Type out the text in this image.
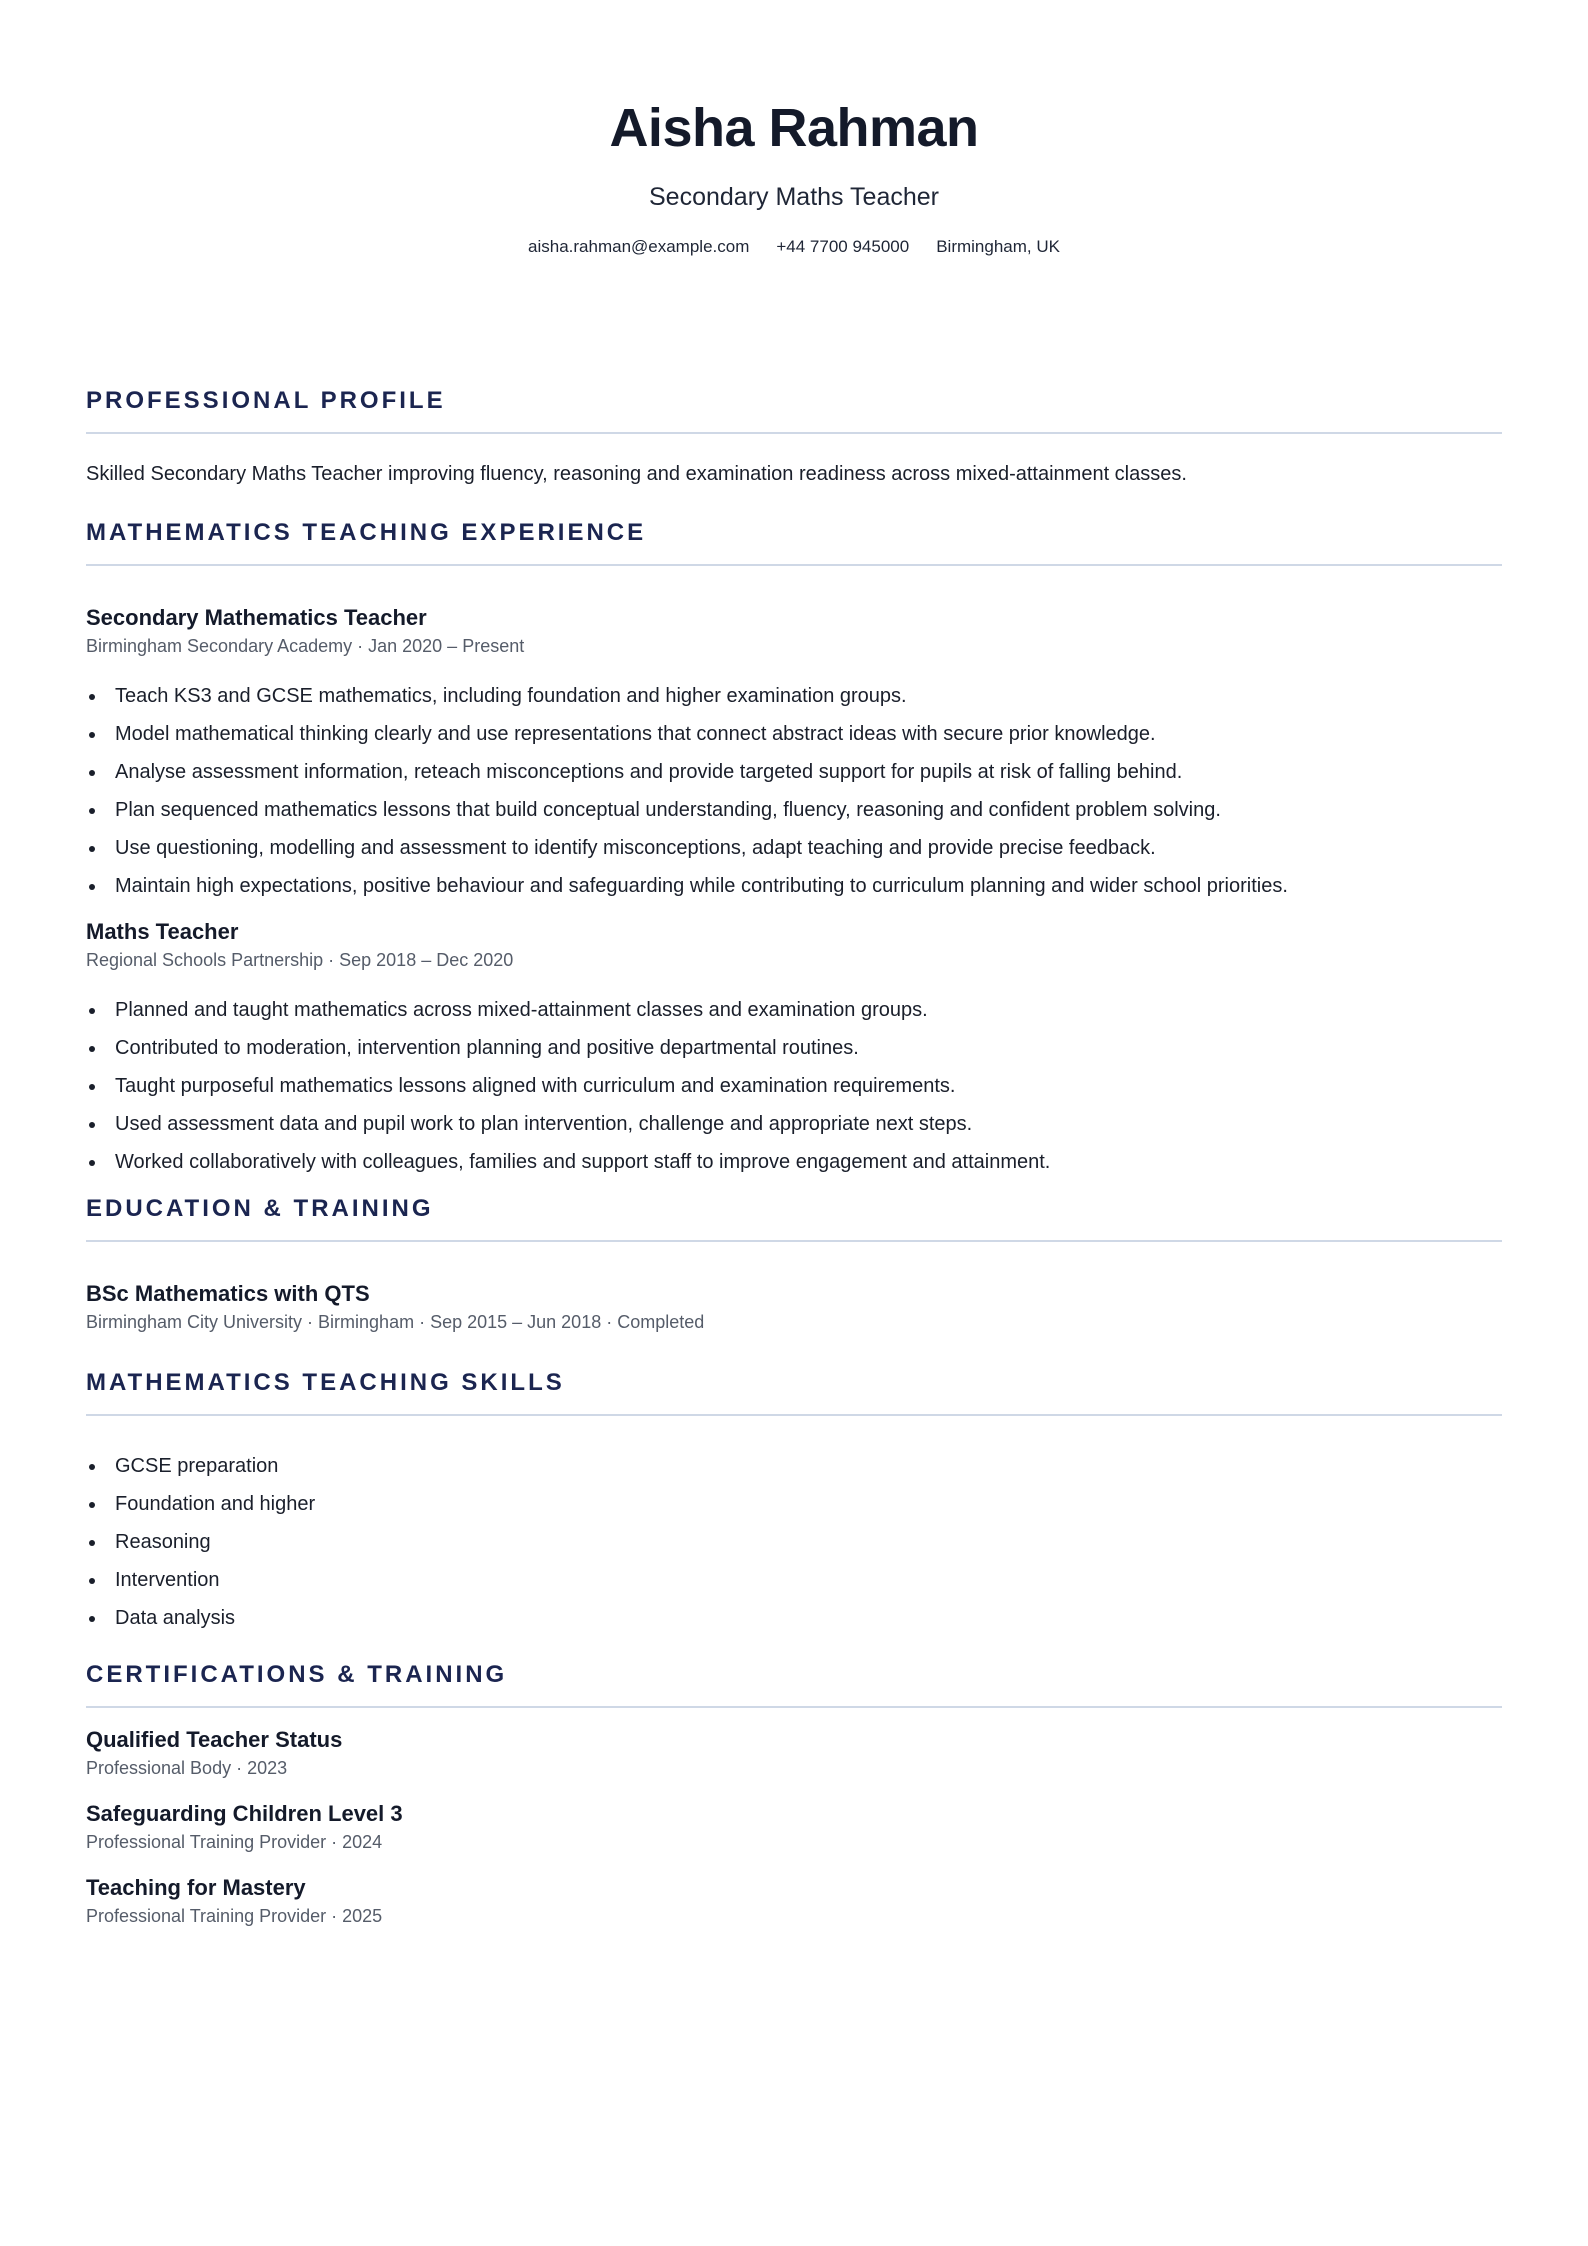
Aisha Rahman
Secondary Maths Teacher
aisha.rahman@example.com +44 7700 945000 Birmingham, UK
PROFESSIONAL PROFILE
Skilled Secondary Maths Teacher improving fluency, reasoning and examination readiness across mixed-attainment classes.
MATHEMATICS TEACHING EXPERIENCE
Secondary Mathematics Teacher
Birmingham Secondary Academy · Jan 2020 – Present
Teach KS3 and GCSE mathematics, including foundation and higher examination groups.
Model mathematical thinking clearly and use representations that connect abstract ideas with secure prior knowledge.
Analyse assessment information, reteach misconceptions and provide targeted support for pupils at risk of falling behind.
Plan sequenced mathematics lessons that build conceptual understanding, fluency, reasoning and confident problem solving.
Use questioning, modelling and assessment to identify misconceptions, adapt teaching and provide precise feedback.
Maintain high expectations, positive behaviour and safeguarding while contributing to curriculum planning and wider school priorities.
Maths Teacher
Regional Schools Partnership · Sep 2018 – Dec 2020
Planned and taught mathematics across mixed-attainment classes and examination groups.
Contributed to moderation, intervention planning and positive departmental routines.
Taught purposeful mathematics lessons aligned with curriculum and examination requirements.
Used assessment data and pupil work to plan intervention, challenge and appropriate next steps.
Worked collaboratively with colleagues, families and support staff to improve engagement and attainment.
EDUCATION & TRAINING
BSc Mathematics with QTS
Birmingham City University · Birmingham · Sep 2015 – Jun 2018 · Completed
MATHEMATICS TEACHING SKILLS
GCSE preparation
Foundation and higher
Reasoning
Intervention
Data analysis
CERTIFICATIONS & TRAINING
Qualified Teacher Status
Professional Body · 2023
Safeguarding Children Level 3
Professional Training Provider · 2024
Teaching for Mastery
Professional Training Provider · 2025
